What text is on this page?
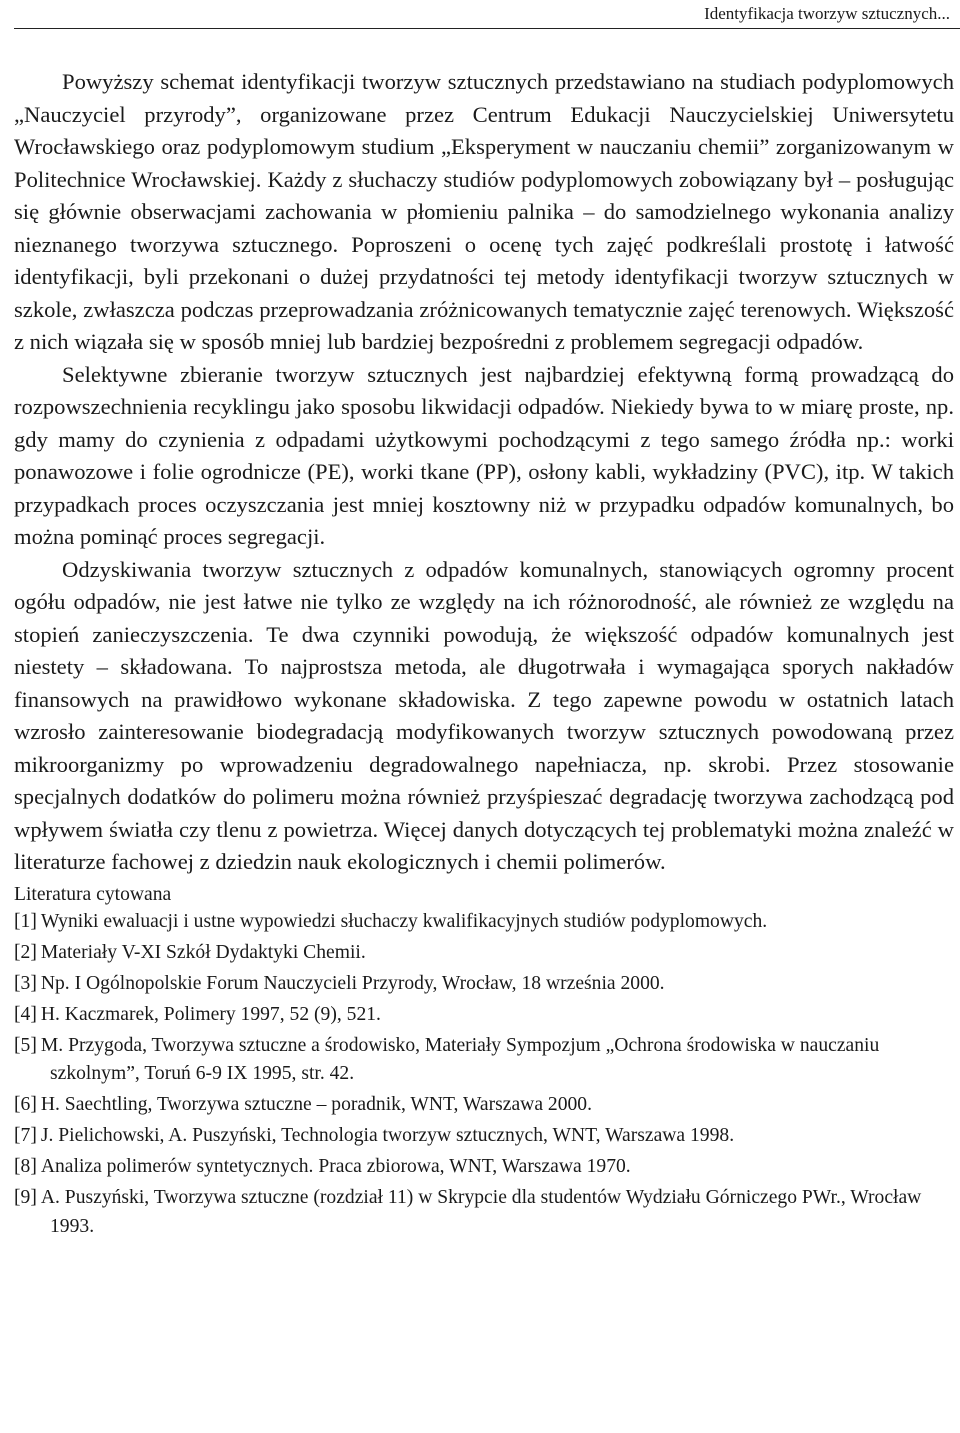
Identyfikacja tworzyw sztucznych...

Powyższy schemat identyfikacji tworzyw sztucznych przedstawiano na studiach podyplomowych „Nauczyciel przyrody”, organizowane przez Centrum Edukacji Nauczycielskiej Uniwersytetu Wrocławskiego oraz podyplomowym studium „Eksperyment w nauczaniu chemii” zorganizowanym w Politechnice Wrocławskiej. Każdy z słuchaczy studiów podyplomowych zobowiązany był – posługując się głównie obserwacjami zachowania w płomieniu palnika – do samodzielnego wykonania analizy nieznanego tworzywa sztucznego. Poproszeni o ocenę tych zajęć podkreślali prostotę i łatwość identyfikacji, byli przekonani o dużej przydatności tej metody identyfikacji tworzyw sztucznych w szkole, zwłaszcza podczas przeprowadzania zróżnicowanych tematycznie zajęć terenowych. Większość z nich wiązała się w sposób mniej lub bardziej bezpośredni z problemem segregacji odpadów.

Selektywne zbieranie tworzyw sztucznych jest najbardziej efektywną formą prowadzącą do rozpowszechnienia recyklingu jako sposobu likwidacji odpadów. Niekiedy bywa to w miarę proste, np. gdy mamy do czynienia z odpadami użytkowymi pochodzącymi z tego samego źródła np.: worki ponawozowe i folie ogrodnicze (PE), worki tkane (PP), osłony kabli, wykładziny (PVC), itp. W takich przypadkach proces oczyszczania jest mniej kosztowny niż w przypadku odpadów komunalnych, bo można pominąć proces segregacji.

Odzyskiwania tworzyw sztucznych z odpadów komunalnych, stanowiących ogromny procent ogółu odpadów, nie jest łatwe nie tylko ze względy na ich różnorodność, ale również ze względu na stopień zanieczyszczenia. Te dwa czynniki powodują, że większość odpadów komunalnych jest niestety – składowana. To najprostsza metoda, ale długotrwała i wymagająca sporych nakładów finansowych na prawidłowo wykonane składowiska. Z tego zapewne powodu w ostatnich latach wzrosło zainteresowanie biodegradacją modyfikowanych tworzyw sztucznych powodowaną przez mikroorganizmy po wprowadzeniu degradowalnego napełniacza, np. skrobi. Przez stosowanie specjalnych dodatków do polimeru można również przyśpieszać degradację tworzywa zachodzącą pod wpływem światła czy tlenu z powietrza. Więcej danych dotyczących tej problematyki można znaleźć w literaturze fachowej z dziedzin nauk ekologicznych i chemii polimerów.

Literatura cytowana
[1] Wyniki ewaluacji i ustne wypowiedzi słuchaczy kwalifikacyjnych studiów podyplomowych.
[2] Materiały V-XI Szkół Dydaktyki Chemii.
[3] Np. I Ogólnopolskie Forum Nauczycieli Przyrody, Wrocław, 18 września 2000.
[4] H. Kaczmarek, Polimery 1997, 52 (9), 521.
[5] M. Przygoda, Tworzywa sztuczne a środowisko, Materiały Sympozjum „Ochrona środowiska w nauczaniu szkolnym”, Toruń 6-9 IX 1995, str. 42.
[6] H. Saechtling, Tworzywa sztuczne – poradnik, WNT, Warszawa 2000.
[7] J. Pielichowski, A. Puszyński, Technologia tworzyw sztucznych, WNT, Warszawa 1998.
[8] Analiza polimerów syntetycznych. Praca zbiorowa, WNT, Warszawa 1970.
[9] A. Puszyński, Tworzywa sztuczne (rozdział 11) w Skrypcie dla studentów Wydziału Górniczego PWr., Wrocław 1993.
